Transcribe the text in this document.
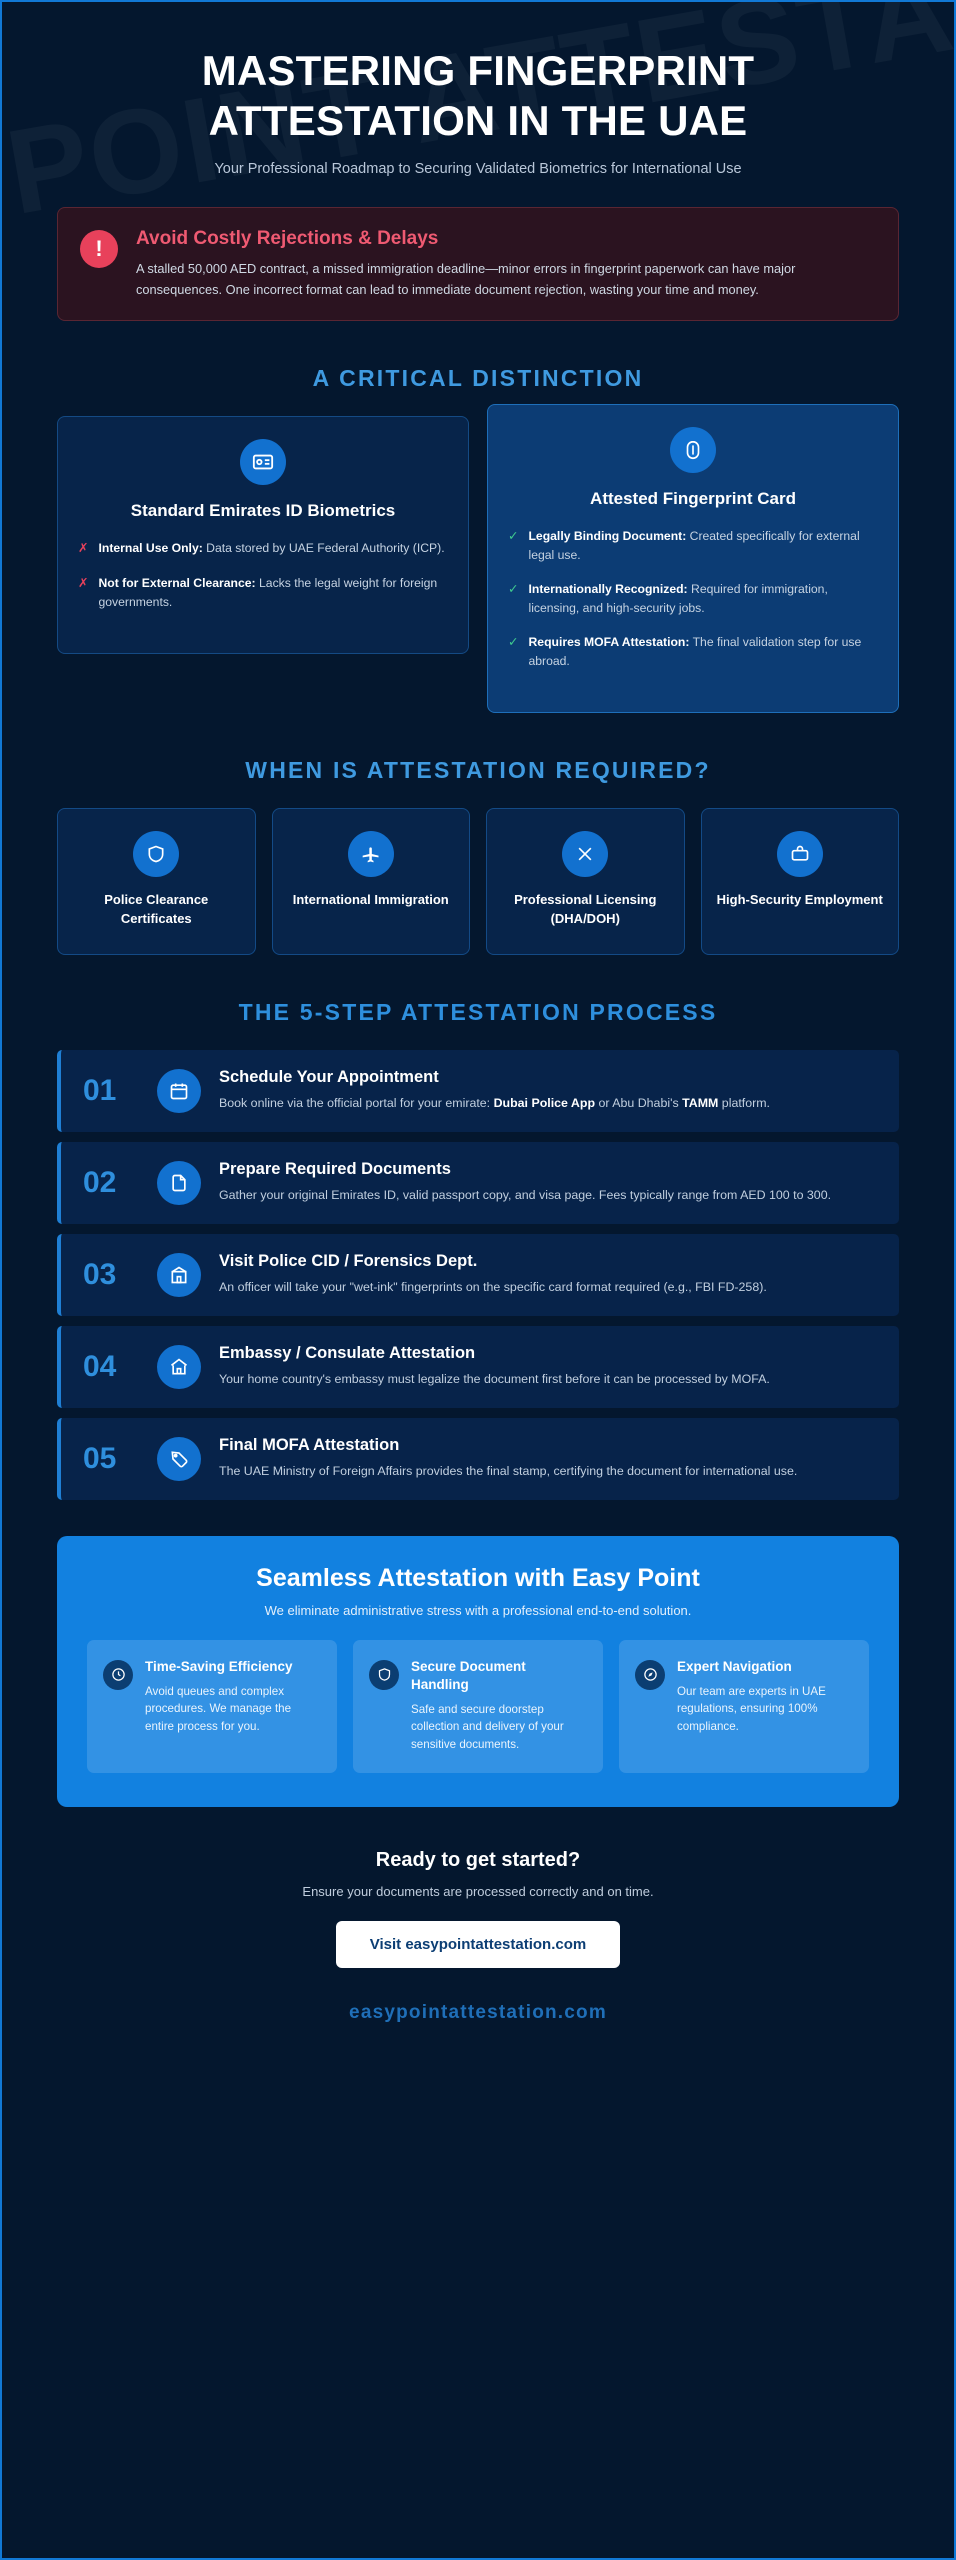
MASTERING FINGERPRINT
ATTESTATION IN THE UAE
Your Professional Roadmap to Securing Validated Biometrics for International Use
!	Avoid Costly Rejections & Delays
A stalled 50,000 AED contract, a missed immigration deadline—minor errors in fingerprint paperwork can have major consequences. One incorrect format can lead to immediate document rejection, wasting your time and money.
A CRITICAL DISTINCTION
Standard Emirates ID Biometrics
✗ Internal Use Only: Data stored by UAE Federal Authority (ICP).
✗ Not for External Clearance: Lacks the legal weight for foreign governments.
Attested Fingerprint Card
✓ Legally Binding Document: Created specifically for external legal use.
✓ Internationally Recognized: Required for immigration, licensing, and high-security jobs.
✓ Requires MOFA Attestation: The final validation step for use abroad.
WHEN IS ATTESTATION REQUIRED?
Police Clearance Certificates
International Immigration	Professional Licensing (DHA/DOH)
High-Security Employment
THE 5-STEP ATTESTATION PROCESS
01	Schedule Your Appointment
Book online via the official portal for your emirate: Dubai Police App or Abu Dhabi's TAMM platform.
02	Prepare Required Documents
Gather your original Emirates ID, valid passport copy, and visa page. Fees typically range from AED 100 to 300.
03	Visit Police CID / Forensics Dept.
An officer will take your "wet-ink" fingerprints on the specific card format required (e.g., FBI FD-258).
04	Embassy / Consulate Attestation
Your home country's embassy must legalize the document first before it can be processed by MOFA.
05	Final MOFA Attestation
The UAE Ministry of Foreign Affairs provides the final stamp, certifying the document for international use.
Seamless Attestation with Easy Point

We eliminate administrative stress with a professional end-to-end solution.

Time-Saving Efficiency

Avoid queues and complex procedures. We manage the entire process for you.

Secure Document Handling

Safe and secure doorstep collection and delivery of your sensitive documents.

Expert Navigation

Our team are experts in UAE regulations, ensuring 100% compliance.

Ready to get started?

Ensure your documents are processed correctly and on time.

Visit easypointattestation.com
easypointattestation.com
